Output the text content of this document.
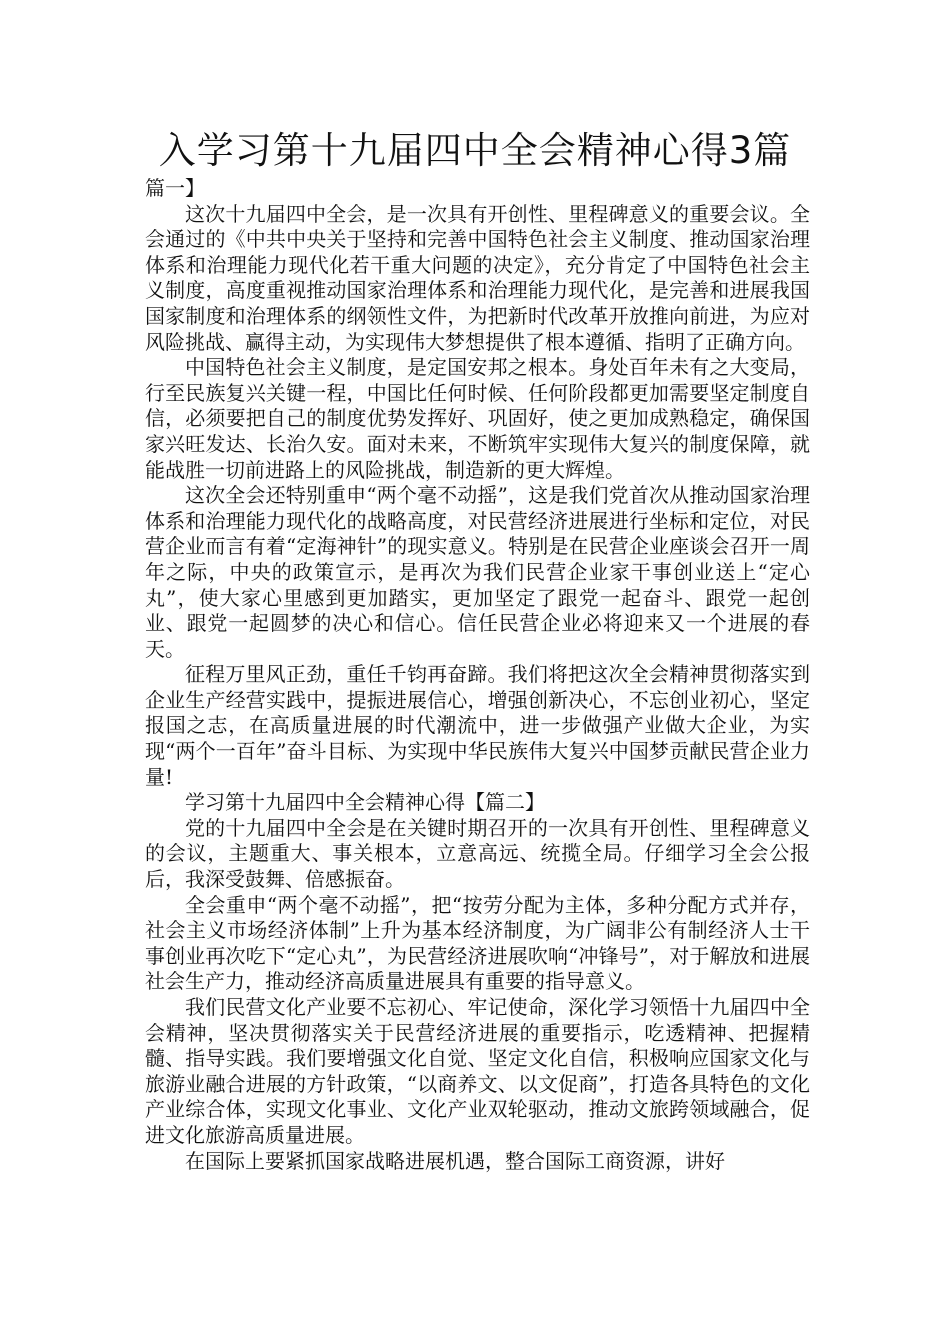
入学习第十九届四中全会精神心得3篇

篇一】

这次十九届四中全会，是一次具有开创性、里程碑意义的重要会议。全会通过的《中共中央关于坚持和完善中国特色社会主义制度、推动国家治理体系和治理能力现代化若干重大问题的决定》，充分肯定了中国特色社会主义制度，高度重视推动国家治理体系和治理能力现代化，是完善和进展我国国家制度和治理体系的纲领性文件，为把新时代改革开放推向前进，为应对风险挑战、赢得主动，为实现伟大梦想提供了根本遵循、指明了正确方向。

中国特色社会主义制度，是定国安邦之根本。身处百年未有之大变局，行至民族复兴关键一程，中国比任何时候、任何阶段都更加需要坚定制度自信，必须要把自己的制度优势发挥好、巩固好，使之更加成熟稳定，确保国家兴旺发达、长治久安。面对未来，不断筑牢实现伟大复兴的制度保障，就能战胜一切前进路上的风险挑战，制造新的更大辉煌。

这次全会还特别重申“两个毫不动摇”，这是我们党首次从推动国家治理体系和治理能力现代化的战略高度，对民营经济进展进行坐标和定位，对民营企业而言有着“定海神针”的现实意义。特别是在民营企业座谈会召开一周年之际，中央的政策宣示，是再次为我们民营企业家干事创业送上“定心丸”，使大家心里感到更加踏实，更加坚定了跟党一起奋斗、跟党一起创业、跟党一起圆梦的决心和信心。信任民营企业必将迎来又一个进展的春天。

征程万里风正劲，重任千钧再奋蹄。我们将把这次全会精神贯彻落实到企业生产经营实践中，提振进展信心，增强创新决心，不忘创业初心，坚定报国之志，在高质量进展的时代潮流中，进一步做强产业做大企业，为实现“两个一百年”奋斗目标、为实现中华民族伟大复兴中国梦贡献民营企业力量!

学习第十九届四中全会精神心得【篇二】

党的十九届四中全会是在关键时期召开的一次具有开创性、里程碑意义的会议，主题重大、事关根本，立意高远、统揽全局。仔细学习全会公报后，我深受鼓舞、倍感振奋。

全会重申“两个毫不动摇”，把“按劳分配为主体，多种分配方式并存，社会主义市场经济体制”上升为基本经济制度，为广阔非公有制经济人士干事创业再次吃下“定心丸”，为民营经济进展吹响“冲锋号”，对于解放和进展社会生产力，推动经济高质量进展具有重要的指导意义。

我们民营文化产业要不忘初心、牢记使命，深化学习领悟十九届四中全会精神，坚决贯彻落实关于民营经济进展的重要指示，吃透精神、把握精髓、指导实践。我们要增强文化自觉、坚定文化自信，积极响应国家文化与旅游业融合进展的方针政策，“以商养文、以文促商”，打造各具特色的文化产业综合体，实现文化事业、文化产业双轮驱动，推动文旅跨领域融合，促进文化旅游高质量进展。

在国际上要紧抓国家战略进展机遇，整合国际工商资源，讲好
